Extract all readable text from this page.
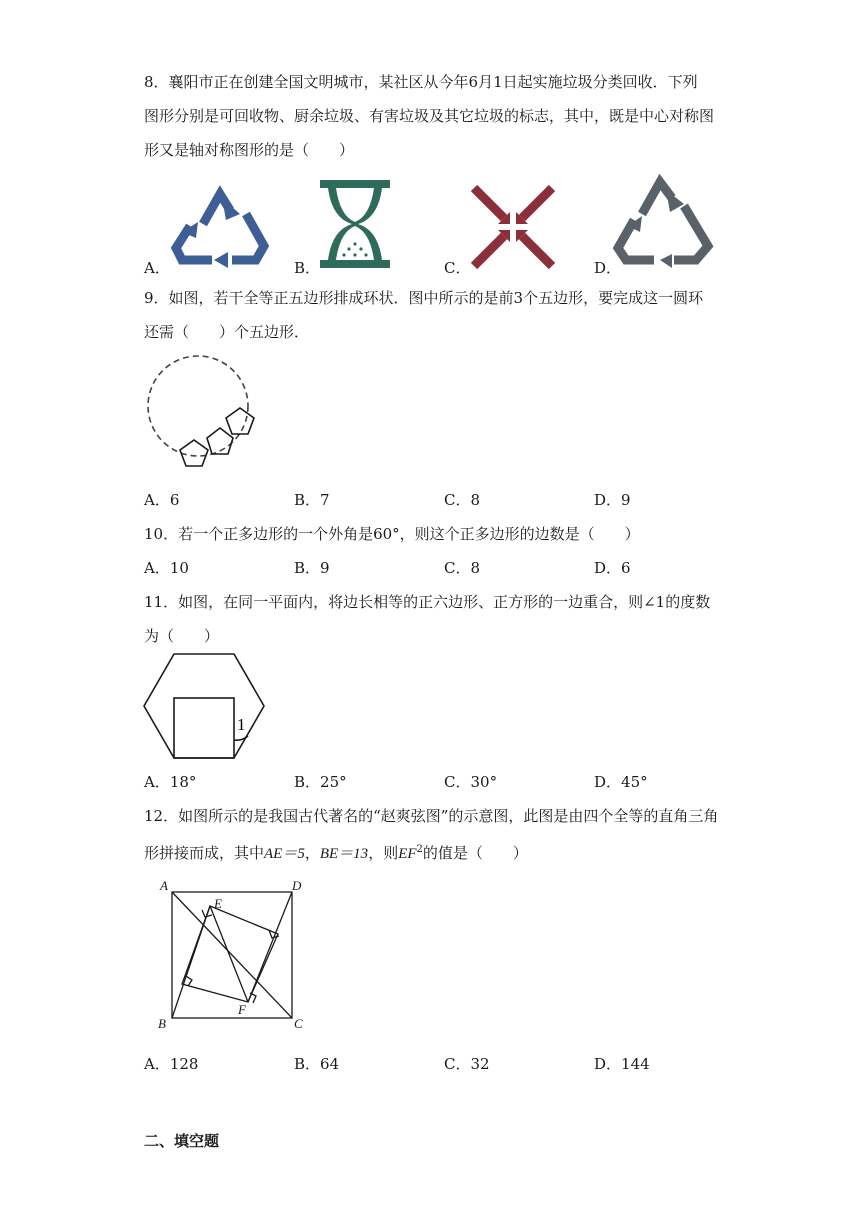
8．襄阳市正在创建全国文明城市，某社区从今年6月1日起实施垃圾分类回收．下列
图形分别是可回收物、厨余垃圾、有害垃圾及其它垃圾的标志，其中，既是中心对称图
形又是轴对称图形的是（　　）
A．	B．	C．	D．
9．如图，若干全等正五边形排成环状．图中所示的是前3个五边形，要完成这一圆环
还需（　　）个五边形．
A．6	B．7	C．8	D．9
10．若一个正多边形的一个外角是60°，则这个正多边形的边数是（　　）
A．10	B．9	C．8	D．6
11．如图，在同一平面内，将边长相等的正六边形、正方形的一边重合，则∠1的度数
为（　　）
1
A．18°	B．25°	C．30°	D．45°
12．如图所示的是我国古代著名的“赵爽弦图”的示意图，此图是由四个全等的直角三角
形拼接而成，其中AE＝5，BE＝13，则$EF^2$的值是（　　）
A	D
B	C
E
F
A．128	B．64	C．32	D．144
二、填空题
